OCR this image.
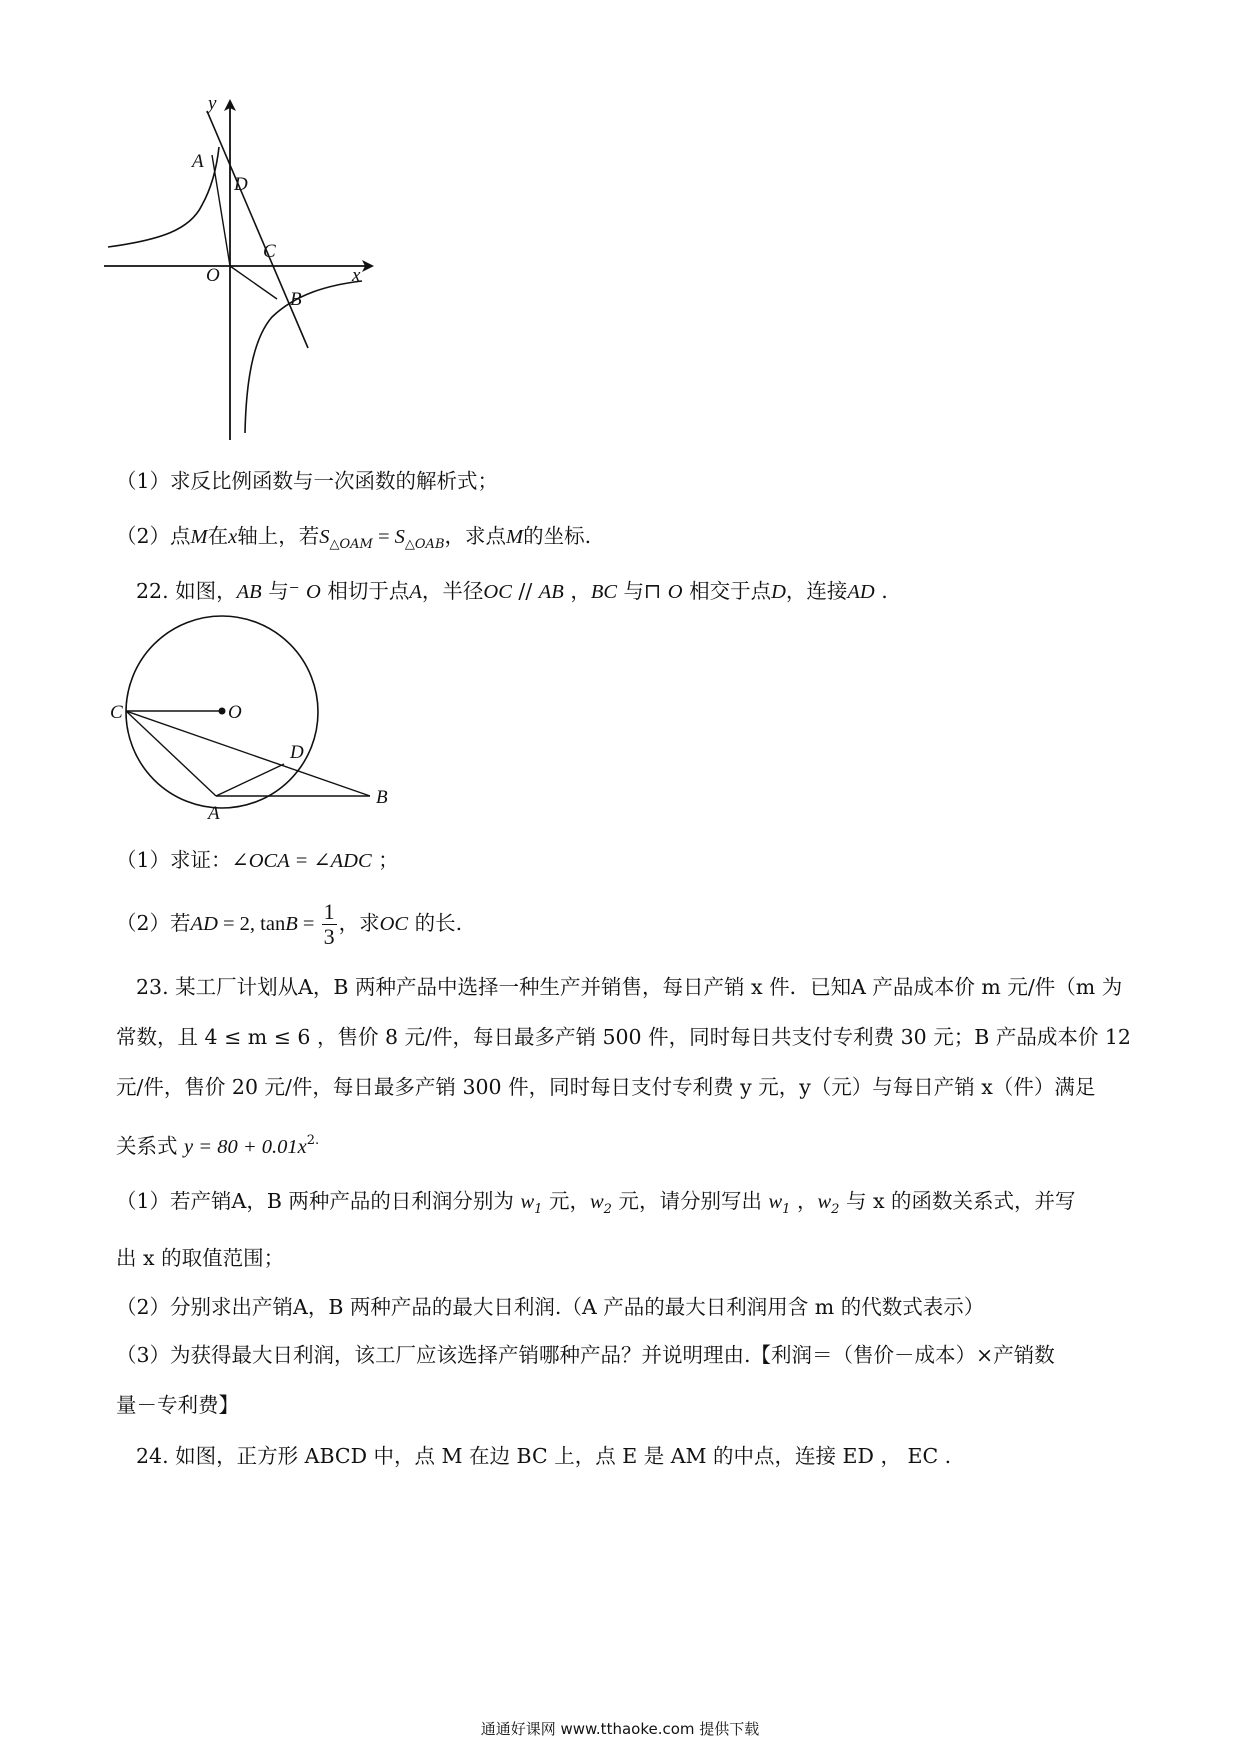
y
x
O
A
D
C
B
（1）求反比例函数与一次函数的解析式；
（2）点M在x轴上，若$S_{\triangle OAM} = S_{\triangle OAB}$，求点M的坐标.
22. 如图，AB 与⁻ O 相切于点A，半径OC // AB ，BC 与⊓ O 相交于点D，连接AD .
C	O
D
A
B
（1）求证：∠OCA = ∠ADC ；
（2）若AD = 2, $\tan B = \frac{1}{3}$ ，求OC 的长.
23. 某工厂计划从A，B 两种产品中选择一种生产并销售，每日产销 x 件．已知A 产品成本价 m 元/件（m 为
常数，且 4 ≤ m ≤ 6 ，售价 8 元/件，每日最多产销 500 件，同时每日共支付专利费 30 元；B 产品成本价 12
元/件，售价 20 元/件，每日最多产销 300 件，同时每日支付专利费 y 元，y（元）与每日产销 x（件）满足
关系式 $y = 80 + 0.01x^{2.}$
（1）若产销A，B 两种产品的日利润分别为 $w_1$ 元，$w_2$ 元，请分别写出 $w_1$ ，$w_2$ 与 x 的函数关系式，并写
出 x 的取值范围；
（2）分别求出产销A，B 两种产品的最大日利润.（A 产品的最大日利润用含 m 的代数式表示）
（3）为获得最大日利润，该工厂应该选择产销哪种产品？并说明理由.【利润＝（售价－成本）×产销数
量－专利费】
24. 如图，正方形 ABCD 中，点 M 在边 BC 上，点 E 是 AM 的中点，连接 ED ， EC .
通通好课网 www.tthaoke.com 提供下载
